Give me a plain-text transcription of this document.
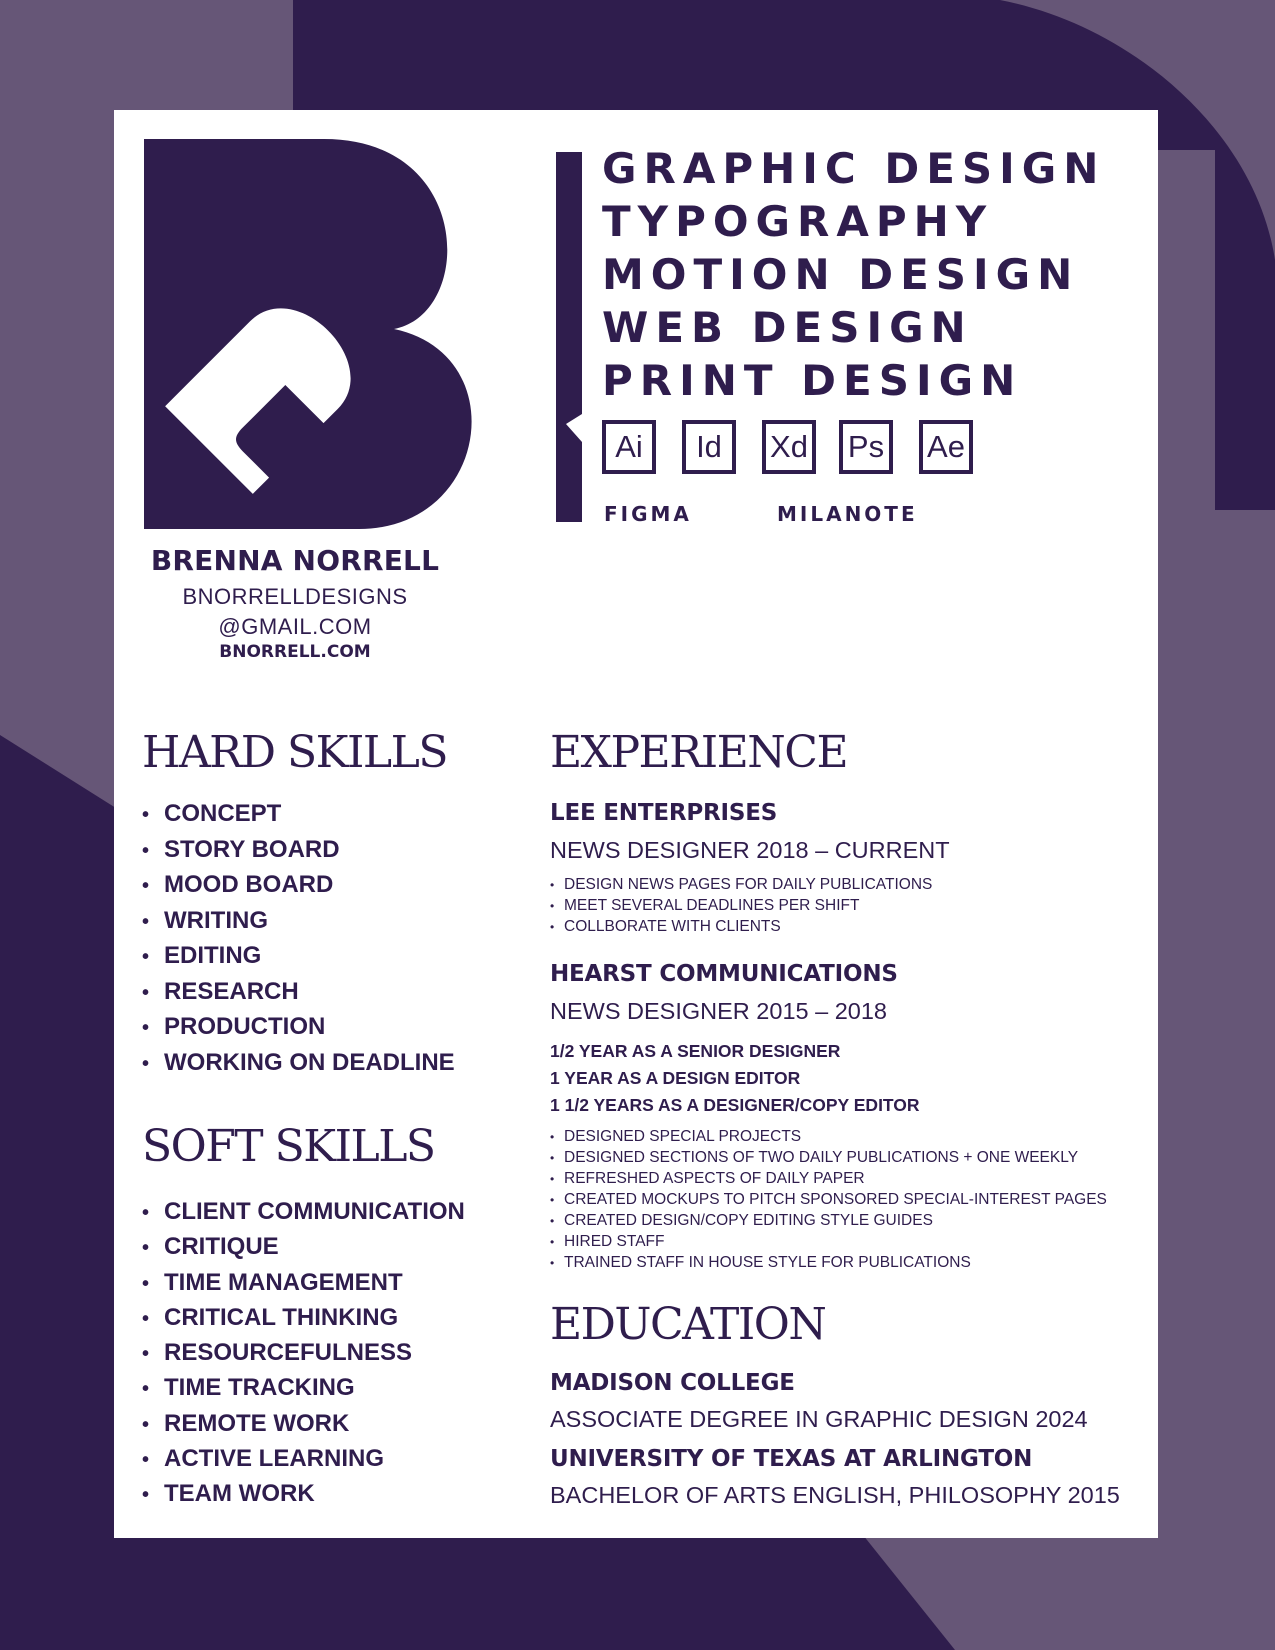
BRENNA NORRELL
BNORRELLDESIGNS
@GMAIL.COM
BNORRELL.COM
GRAPHIC DESIGN
TYPOGRAPHY
MOTION DESIGN
WEB DESIGN
PRINT DESIGN
Ai	Id	Xd Ps Ae
FIGMA	MILANOTE
HARD SKILLS
• CONCEPT
• STORY BOARD
• MOOD BOARD
• WRITING
• EDITING
• RESEARCH
• PRODUCTION
• WORKING ON DEADLINE
SOFT SKILLS
• CLIENT COMMUNICATION
• CRITIQUE
• TIME MANAGEMENT
• CRITICAL THINKING
• RESOURCEFULNESS
• TIME TRACKING
• REMOTE WORK
• ACTIVE LEARNING
• TEAM WORK
EXPERIENCE
LEE ENTERPRISES
NEWS DESIGNER 2018 – CURRENT
• DESIGN NEWS PAGES FOR DAILY PUBLICATIONS
• MEET SEVERAL DEADLINES PER SHIFT
• COLLBORATE WITH CLIENTS
HEARST COMMUNICATIONS
NEWS DESIGNER 2015 – 2018
1/2 YEAR AS A SENIOR DESIGNER
1 YEAR AS A DESIGN EDITOR
1 1/2 YEARS AS A DESIGNER/COPY EDITOR
• DESIGNED SPECIAL PROJECTS
• DESIGNED SECTIONS OF TWO DAILY PUBLICATIONS + ONE WEEKLY
• REFRESHED ASPECTS OF DAILY PAPER
• CREATED MOCKUPS TO PITCH SPONSORED SPECIAL-INTEREST PAGES
• CREATED DESIGN/COPY EDITING STYLE GUIDES
• HIRED STAFF
• TRAINED STAFF IN HOUSE STYLE FOR PUBLICATIONS
EDUCATION
MADISON COLLEGE
ASSOCIATE DEGREE IN GRAPHIC DESIGN 2024
UNIVERSITY OF TEXAS AT ARLINGTON
BACHELOR OF ARTS ENGLISH, PHILOSOPHY 2015
